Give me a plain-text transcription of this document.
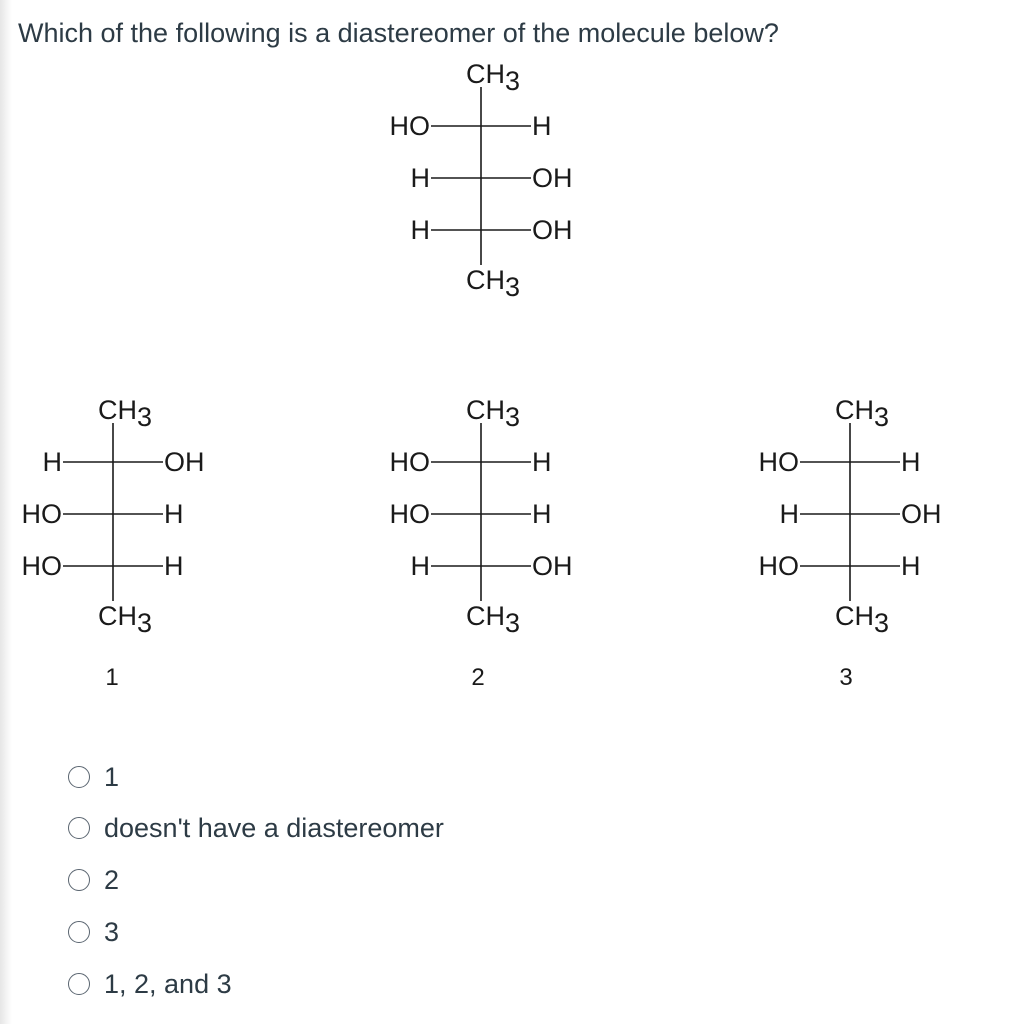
Which of the following is a diastereomer of the molecule below?
CH3
HO	H
H	OH
H	OH
CH3
CH3
H	OH
HO	H
HO	H
CH3
1
CH3
HO	H
HO	H
H	OH
CH3
2
CH3
HO	H
H	OH
HO	H
CH3
3
1
doesn't have a diastereomer
2
3
1, 2, and 3
